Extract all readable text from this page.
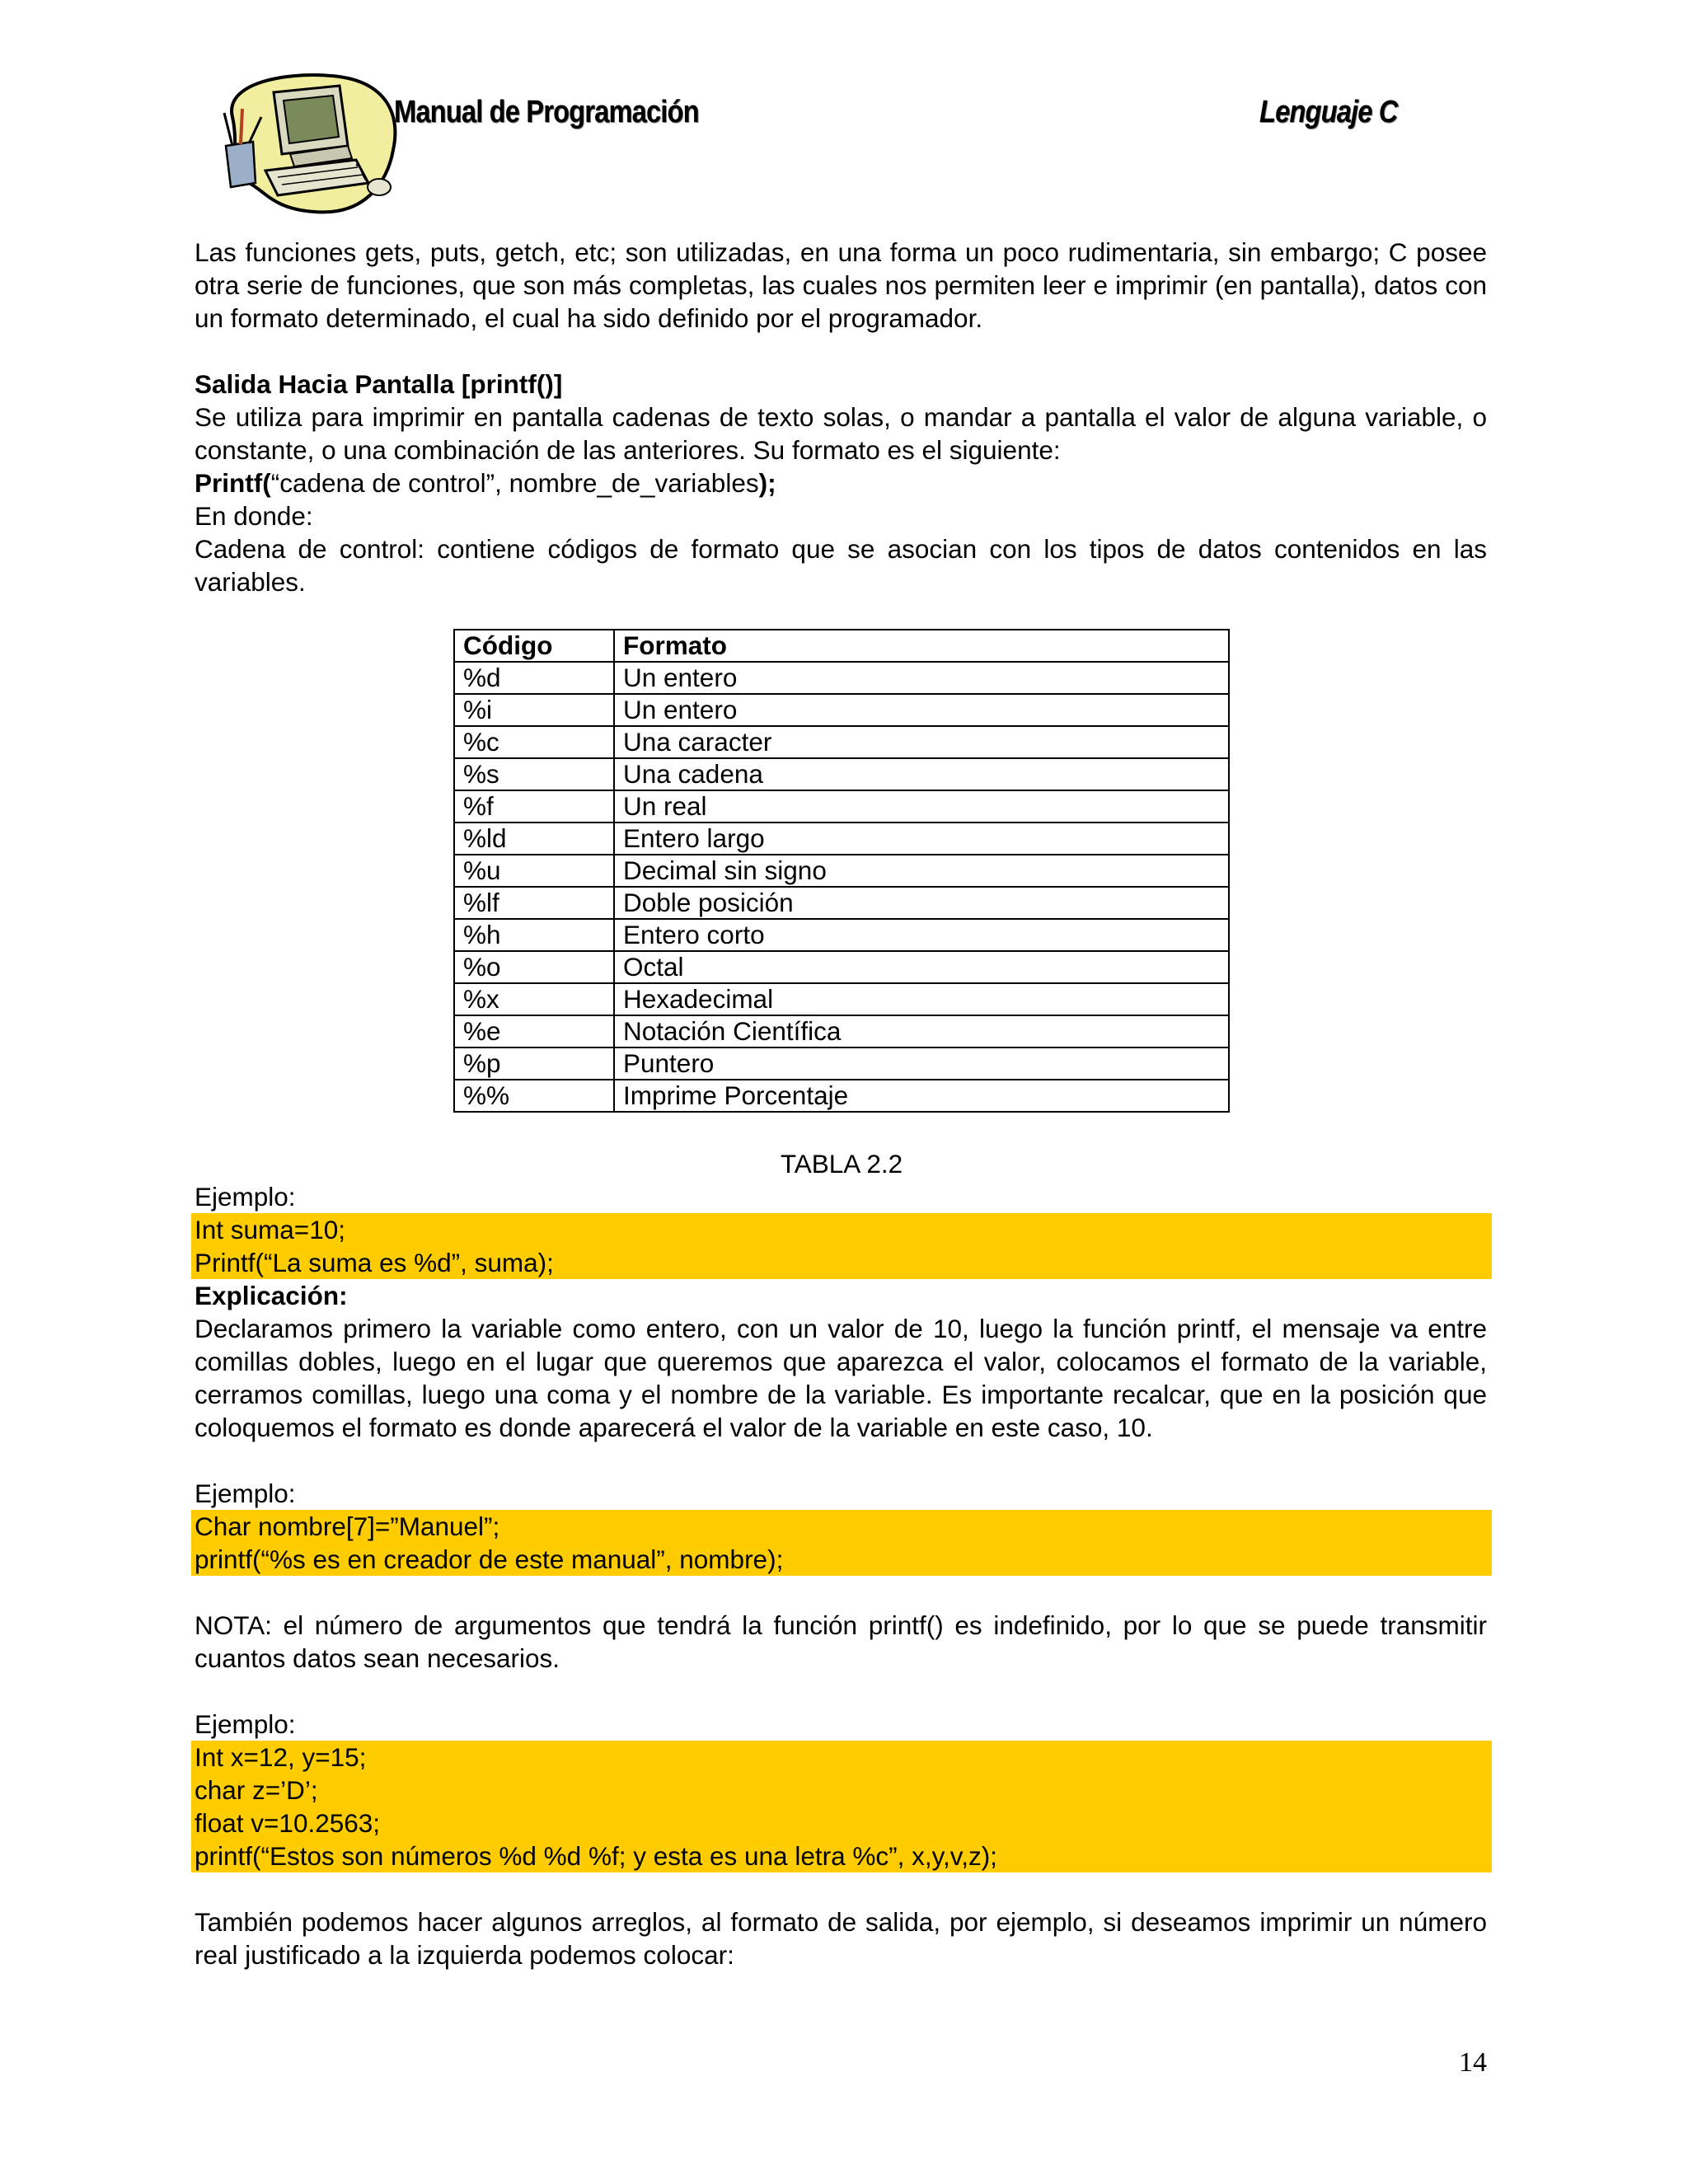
Manual de Programación	Lenguaje C
Las funciones gets, puts, getch, etc; son utilizadas, en una forma un poco rudimentaria, sin embargo; C posee otra serie de funciones, que son más completas, las cuales nos permiten leer e imprimir (en pantalla), datos con un formato determinado, el cual ha sido definido por el programador.
Salida Hacia Pantalla [printf()]
Se utiliza para imprimir en pantalla cadenas de texto solas, o mandar a pantalla el valor de alguna variable, o constante, o una combinación de las anteriores. Su formato es el siguiente:
Printf(“cadena de control”, nombre_de_variables);
En donde:
Cadena de control: contiene códigos de formato que se asocian con los tipos de datos contenidos en las variables.
Código	Formato
%d	Un entero
%i	Un entero
%c	Una caracter
%s	Una cadena
%f	Un real
%ld	Entero largo
%u	Decimal sin signo
%lf	Doble posición
%h	Entero corto
%o	Octal
%x	Hexadecimal
%e	Notación Científica
%p	Puntero
%%	Imprime Porcentaje
TABLA 2.2
Ejemplo:
Int suma=10;
Printf(“La suma es %d”, suma);
Explicación:
Declaramos primero la variable como entero, con un valor de 10, luego la función printf, el mensaje va entre comillas dobles, luego en el lugar que queremos que aparezca el valor, colocamos el formato de la variable, cerramos comillas, luego una coma y el nombre de la variable. Es importante recalcar, que en la posición que coloquemos el formato es donde aparecerá el valor de la variable en este caso, 10.
Ejemplo:
Char nombre[7]=”Manuel”;
printf(“%s es en creador de este manual”, nombre);
NOTA: el número de argumentos que tendrá la función printf() es indefinido, por lo que se puede transmitir cuantos datos sean necesarios.
Ejemplo:
Int x=12, y=15;
char z=’D’;
float v=10.2563;
printf(“Estos son números %d %d %f; y esta es una letra %c”, x,y,v,z);
También podemos hacer algunos arreglos, al formato de salida, por ejemplo, si deseamos imprimir un número real justificado a la izquierda podemos colocar:
14
